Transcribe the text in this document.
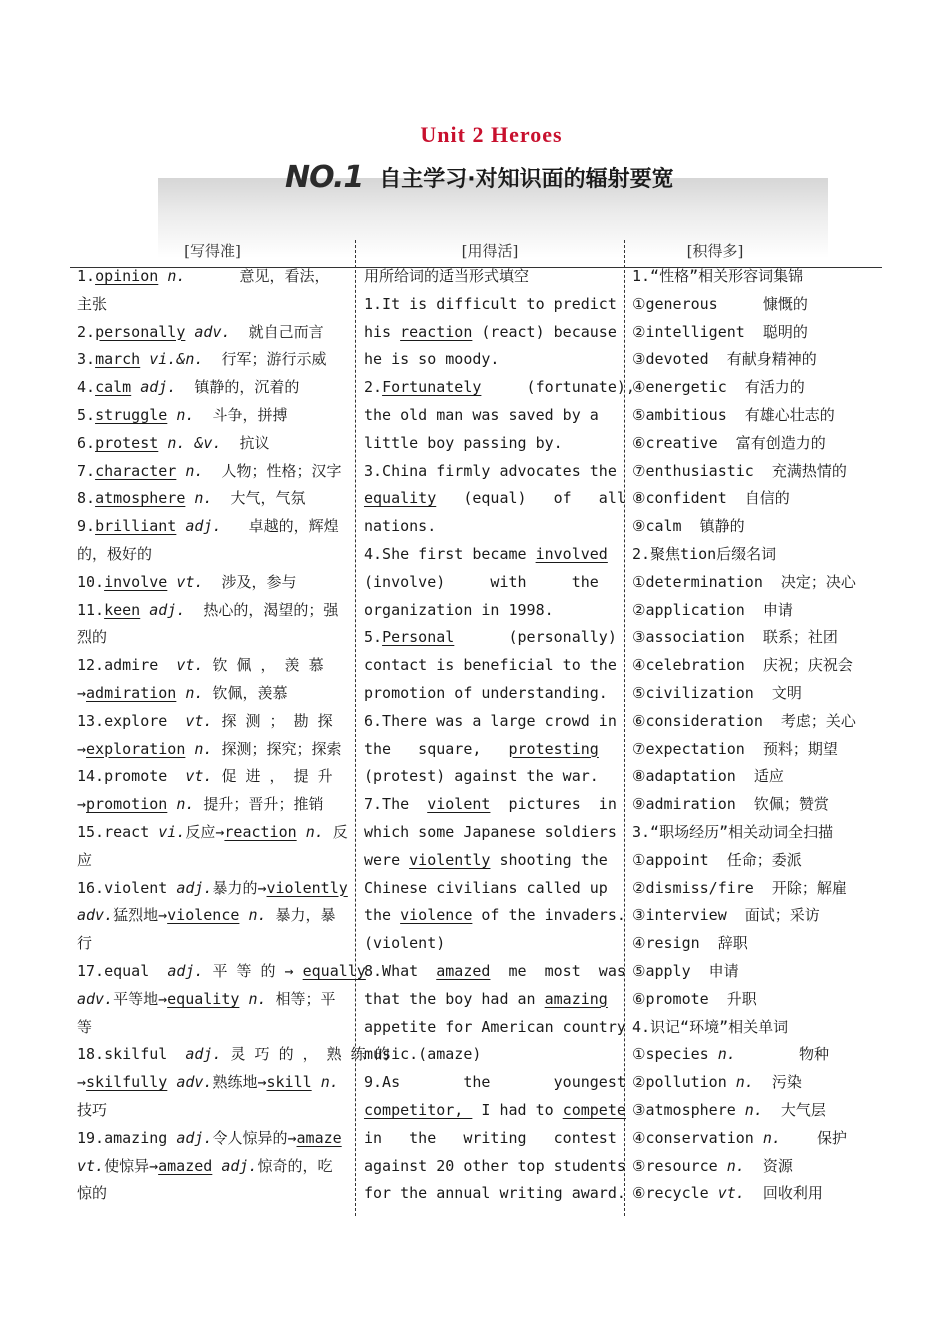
Unit 2 Heroes
NO.1 自主学习·对知识面的辐射要宽
[写得准]	[用得活]	[积得多]
1.opinion n.      意见，看法，
主张
2.personally adv.  就自己而言
3.march vi.&n.  行军；游行示威
4.calm adj.  镇静的，沉着的
5.struggle n.  斗争，拼搏
6.protest n. &v.  抗议
7.character n.  人物；性格；汉字
8.atmosphere n.  大气，气氛
9.brilliant adj.   卓越的，辉煌
的，极好的
10.involve vt.  涉及，参与
11.keen adj.  热心的，渴望的；强
烈的
12.admire  vt. 钦 佩 ， 羡 慕
→admiration n. 钦佩，羡慕
13.explore  vt. 探 测 ； 勘 探
→exploration n. 探测；探究；探索
14.promote  vt. 促 进 ， 提 升
→promotion n. 提升；晋升；推销
15.react vi.反应→reaction n. 反
应
16.violent adj.暴力的→violently
adv.猛烈地→violence n. 暴力，暴
行
17.equal  adj. 平 等 的 → equally
adv.平等地→equality n. 相等；平
等
18.skilful  adj. 灵 巧 的 ， 熟 练 的
→skilfully adv.熟练地→skill n.
技巧
19.amazing adj.令人惊异的→amaze
vt.使惊异→amazed adj.惊奇的，吃
惊的
用所给词的适当形式填空
1.It is difficult to predict
his reaction (react) because
he is so moody.
2.Fortunately     (fortunate),
the old man was saved by a
little boy passing by.
3.China firmly advocates the
equality   (equal)   of   all
nations.
4.She first became involved
(involve)     with     the
organization in 1998.
5.Personal      (personally)
contact is beneficial to the
promotion of understanding.
6.There was a large crowd in
the   square,   protesting
(protest) against the war.
7.The  violent  pictures  in
which some Japanese soldiers
were violently shooting the
Chinese civilians called up
the violence of the invaders.
(violent)
8.What  amazed  me  most  was
that the boy had an amazing
appetite for American country
music.(amaze)
9.As       the       youngest
competitor,  I had to compete
in   the   writing   contest
against 20 other top students
for the annual writing award.
1.“性格”相关形容词集锦
①generous     慷慨的
②intelligent  聪明的
③devoted  有献身精神的
④energetic  有活力的
⑤ambitious  有雄心壮志的
⑥creative  富有创造力的
⑦enthusiastic  充满热情的
⑧confident  自信的
⑨calm  镇静的
2.聚焦tion后缀名词
①determination  决定；决心
②application  申请
③association  联系；社团
④celebration  庆祝；庆祝会
⑤civilization  文明
⑥consideration  考虑；关心
⑦expectation  预料；期望
⑧adaptation  适应
⑨admiration  钦佩；赞赏
3.“职场经历”相关动词全扫描
①appoint  任命；委派
②dismiss/fire  开除；解雇
③interview  面试；采访
④resign  辞职
⑤apply  申请
⑥promote  升职
4.识记“环境”相关单词
①species n.       物种
②pollution n.  污染
③atmosphere n.  大气层
④conservation n.    保护
⑤resource n.  资源
⑥recycle vt.  回收利用
